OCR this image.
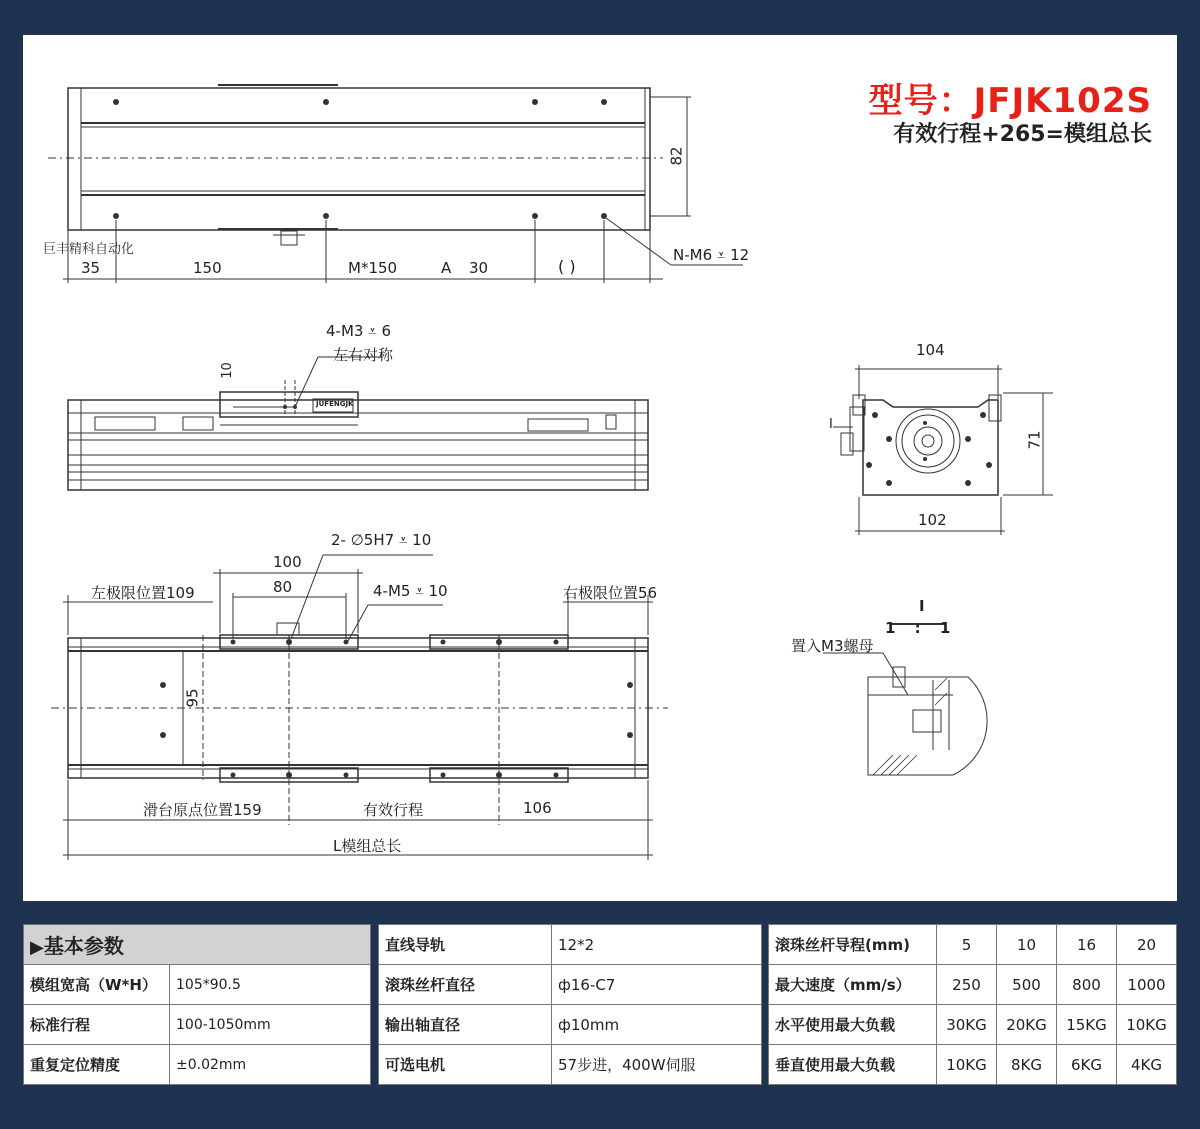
型号：JFJK102S
有效行程+265=模组总长
巨丰精科自动化
35	150	M*150	A 30	( )
82
N-M6 ⩡ 12
4-M3 ⩡ 6
左右对称
10
JUFENGJK
104
71
102
I
2- ∅5H7 ⩡ 10
100
80	4-M5 ⩡ 10
左极限位置109	右极限位置56
95
滑台原点位置159	有效行程	106
L模组总长
I
1 : 1
置入M3螺母
▶基本参数	
模组宽高（W*H）	105*90.5
标准行程	100-1050mm
重复定位精度	±0.02mm
直线导轨	12*2
滚珠丝杆直径	ф16-C7
输出轴直径	ф10mm
可选电机	57步进，400W伺服
滚珠丝杆导程(mm)	5	10	16	20
最大速度（mm/s）	250	500	800	1000
水平使用最大负载	30KG	20KG	15KG	10KG
垂直使用最大负载	10KG	8KG	6KG	4KG
